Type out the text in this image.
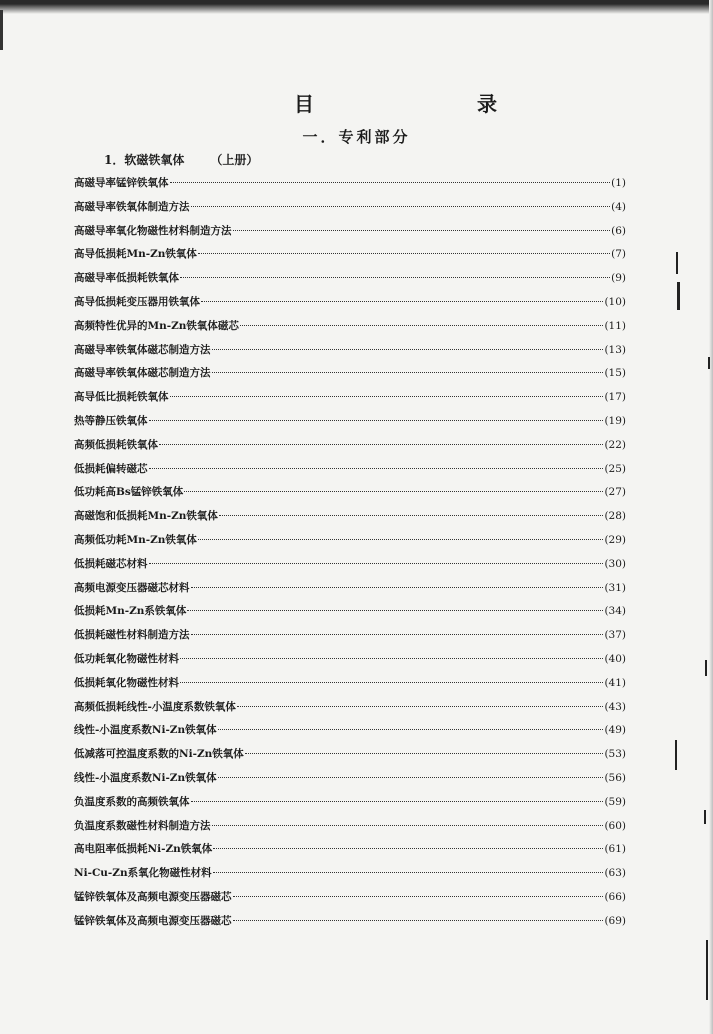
目 录
一．专利部分
1．软磁铁氧体 （上册）
高磁导率锰锌铁氧体	(1)
高磁导率铁氧体制造方法	(4)
高磁导率氧化物磁性材料制造方法	(6)
高导低损耗Mn-Zn铁氧体	(7)
高磁导率低损耗铁氧体	(9)
高导低损耗变压器用铁氧体	(10)
高频特性优异的Mn-Zn铁氧体磁芯	(11)
高磁导率铁氧体磁芯制造方法	(13)
高磁导率铁氧体磁芯制造方法	(15)
高导低比损耗铁氧体	(17)
热等静压铁氧体	(19)
高频低损耗铁氧体	(22)
低损耗偏转磁芯	(25)
低功耗高Bs锰锌铁氧体	(27)
高磁饱和低损耗Mn-Zn铁氧体	(28)
高频低功耗Mn-Zn铁氧体	(29)
低损耗磁芯材料	(30)
高频电源变压器磁芯材料	(31)
低损耗Mn-Zn系铁氧体	(34)
低损耗磁性材料制造方法	(37)
低功耗氧化物磁性材料	(40)
低损耗氧化物磁性材料	(41)
高频低损耗线性-小温度系数铁氧体	(43)
线性-小温度系数Ni-Zn铁氧体	(49)
低减落可控温度系数的Ni-Zn铁氧体	(53)
线性-小温度系数Ni-Zn铁氧体	(56)
负温度系数的高频铁氧体	(59)
负温度系数磁性材料制造方法	(60)
高电阻率低损耗Ni-Zn铁氧体	(61)
Ni-Cu-Zn系氧化物磁性材料	(63)
锰锌铁氧体及高频电源变压器磁芯	(66)
锰锌铁氧体及高频电源变压器磁芯	(69)
